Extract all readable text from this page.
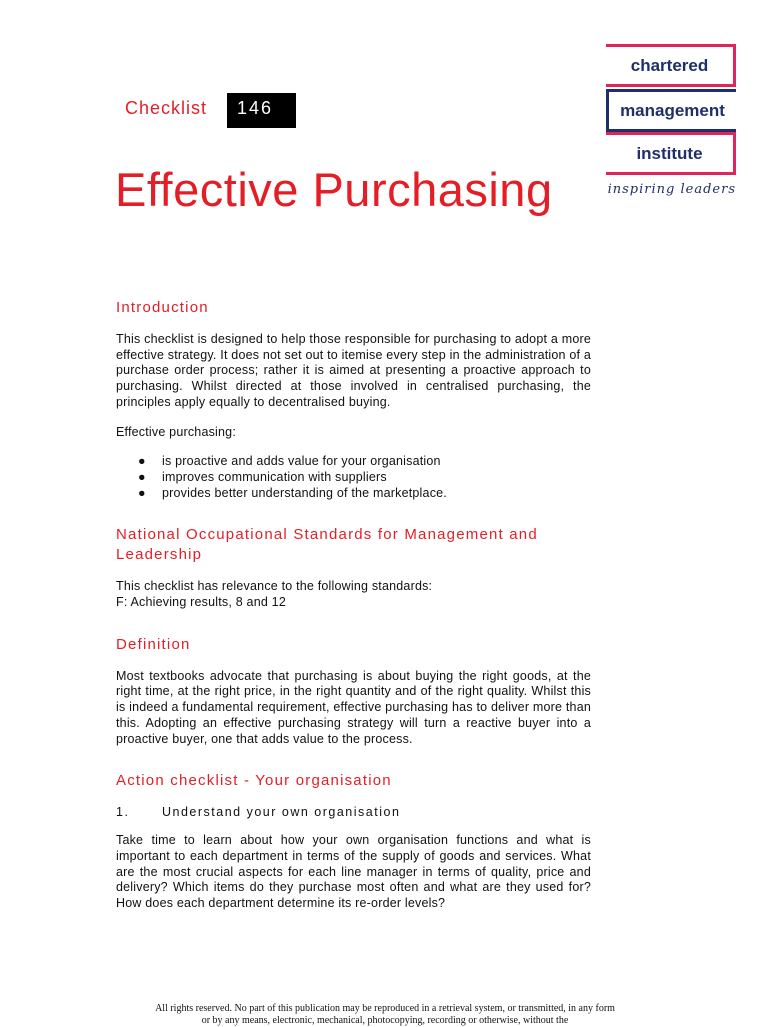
Checklist	146
Effective Purchasing
chartered
management
institute
inspiring leaders
Introduction

This checklist is designed to help those responsible for purchasing to adopt a more effective strategy. It does not set out to itemise every step in the administration of a purchase order process; rather it is aimed at presenting a proactive approach to purchasing. Whilst directed at those involved in centralised purchasing, the principles apply equally to decentralised buying.

Effective purchasing:

● is proactive and adds value for your organisation
● improves communication with suppliers
● provides better understanding of the marketplace.
National Occupational Standards for Management and Leadership

This checklist has relevance to the following standards:
F: Achieving results, 8 and 12

Definition

Most textbooks advocate that purchasing is about buying the right goods, at the right time, at the right price, in the right quantity and of the right quality. Whilst this is indeed a fundamental requirement, effective purchasing has to deliver more than this. Adopting an effective purchasing strategy will turn a reactive buyer into a proactive buyer, one that adds value to the process.

Action checklist - Your organisation
1.	Understand your own organisation

Take time to learn about how your own organisation functions and what is important to each department in terms of the supply of goods and services. What are the most crucial aspects for each line manager in terms of quality, price and delivery? Which items do they purchase most often and what are they used for? How does each department determine its re-order levels?

All rights reserved. No part of this publication may be reproduced in a retrieval system, or transmitted, in any form or by any means, electronic, mechanical, photocopying, recording or otherwise, without the
